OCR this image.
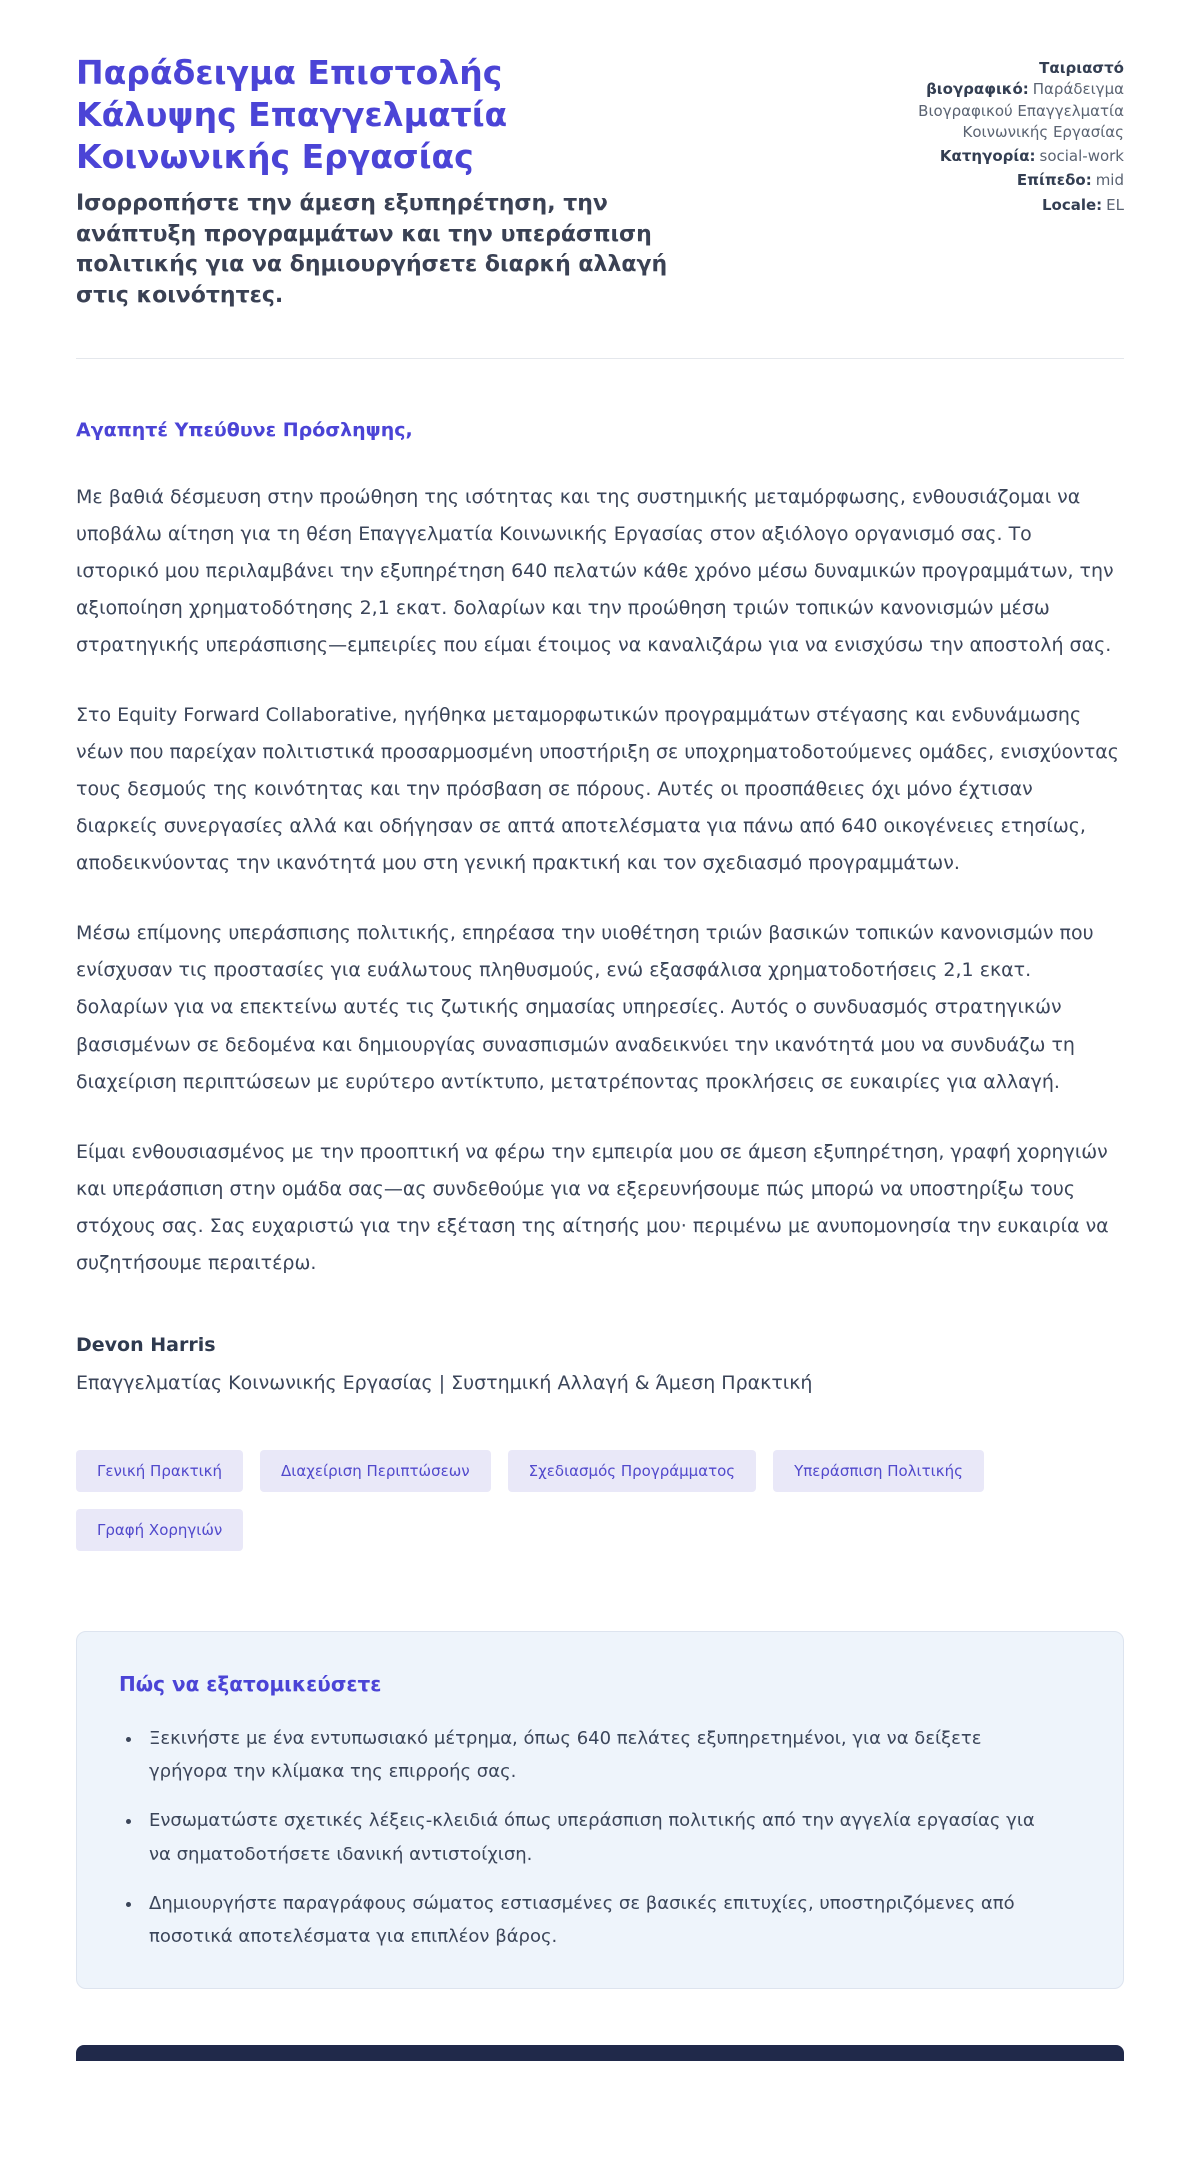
Παράδειγμα Επιστολής Κάλυψης Επαγγελματία Κοινωνικής Εργασίας

Ισορροπήστε την άμεση εξυπηρέτηση, την ανάπτυξη προγραμμάτων και την υπεράσπιση πολιτικής για να δημιουργήσετε διαρκή αλλαγή στις κοινότητες.

Ταιριαστό βιογραφικό: Παράδειγμα Βιογραφικού Επαγγελματία Κοινωνικής Εργασίας
Κατηγορία: social-work
Επίπεδο: mid
Locale: EL

Αγαπητέ Υπεύθυνε Πρόσληψης,

Με βαθιά δέσμευση στην προώθηση της ισότητας και της συστημικής μεταμόρφωσης, ενθουσιάζομαι να υποβάλω αίτηση για τη θέση Επαγγελματία Κοινωνικής Εργασίας στον αξιόλογο οργανισμό σας. Το ιστορικό μου περιλαμβάνει την εξυπηρέτηση 640 πελατών κάθε χρόνο μέσω δυναμικών προγραμμάτων, την αξιοποίηση χρηματοδότησης 2,1 εκατ. δολαρίων και την προώθηση τριών τοπικών κανονισμών μέσω στρατηγικής υπεράσπισης—εμπειρίες που είμαι έτοιμος να καναλιζάρω για να ενισχύσω την αποστολή σας.

Στο Equity Forward Collaborative, ηγήθηκα μεταμορφωτικών προγραμμάτων στέγασης και ενδυνάμωσης νέων που παρείχαν πολιτιστικά προσαρμοσμένη υποστήριξη σε υποχρηματοδοτούμενες ομάδες, ενισχύοντας τους δεσμούς της κοινότητας και την πρόσβαση σε πόρους. Αυτές οι προσπάθειες όχι μόνο έχτισαν διαρκείς συνεργασίες αλλά και οδήγησαν σε απτά αποτελέσματα για πάνω από 640 οικογένειες ετησίως, αποδεικνύοντας την ικανότητά μου στη γενική πρακτική και τον σχεδιασμό προγραμμάτων.

Μέσω επίμονης υπεράσπισης πολιτικής, επηρέασα την υιοθέτηση τριών βασικών τοπικών κανονισμών που ενίσχυσαν τις προστασίες για ευάλωτους πληθυσμούς, ενώ εξασφάλισα χρηματοδοτήσεις 2,1 εκατ. δολαρίων για να επεκτείνω αυτές τις ζωτικής σημασίας υπηρεσίες. Αυτός ο συνδυασμός στρατηγικών βασισμένων σε δεδομένα και δημιουργίας συνασπισμών αναδεικνύει την ικανότητά μου να συνδυάζω τη διαχείριση περιπτώσεων με ευρύτερο αντίκτυπο, μετατρέποντας προκλήσεις σε ευκαιρίες για αλλαγή.

Είμαι ενθουσιασμένος με την προοπτική να φέρω την εμπειρία μου σε άμεση εξυπηρέτηση, γραφή χορηγιών και υπεράσπιση στην ομάδα σας—ας συνδεθούμε για να εξερευνήσουμε πώς μπορώ να υποστηρίξω τους στόχους σας. Σας ευχαριστώ για την εξέταση της αίτησής μου· περιμένω με ανυπομονησία την ευκαιρία να συζητήσουμε περαιτέρω.

Devon Harris

Επαγγελματίας Κοινωνικής Εργασίας | Συστημική Αλλαγή & Άμεση Πρακτική

Γενική Πρακτική	Διαχείριση Περιπτώσεων	Σχεδιασμός Προγράμματος	Υπεράσπιση Πολιτικής
Γραφή Χορηγιών
Πώς να εξατομικεύσετε
• Ξεκινήστε με ένα εντυπωσιακό μέτρημα, όπως 640 πελάτες εξυπηρετημένοι, για να δείξετε γρήγορα την κλίμακα της επιρροής σας.
• Ενσωματώστε σχετικές λέξεις-κλειδιά όπως υπεράσπιση πολιτικής από την αγγελία εργασίας για να σηματοδοτήσετε ιδανική αντιστοίχιση.
• Δημιουργήστε παραγράφους σώματος εστιασμένες σε βασικές επιτυχίες, υποστηριζόμενες από ποσοτικά αποτελέσματα για επιπλέον βάρος.
